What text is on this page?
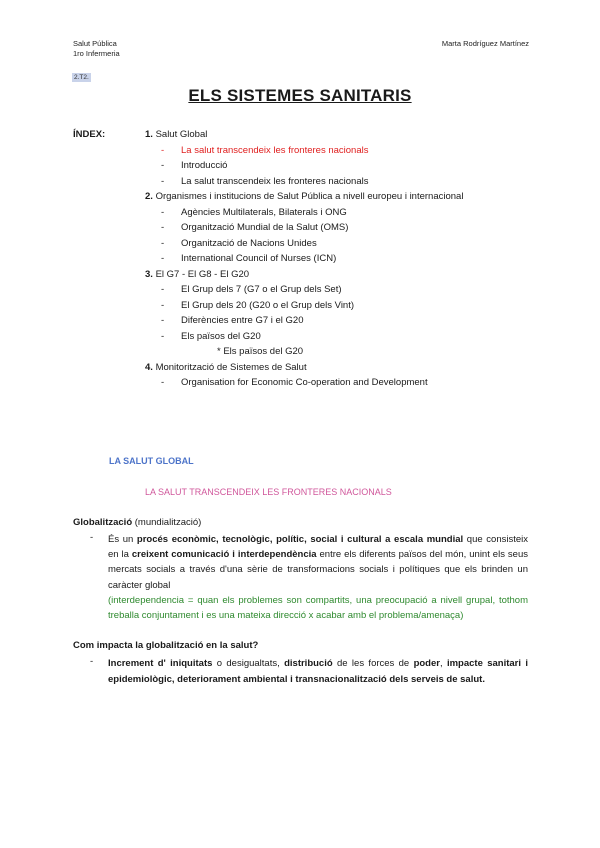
Salut Pública
1ro Infermeria
Marta Rodríguez Martínez
2.T2.
ELS SISTEMES SANITARIS
ÍNDEX:	1. Salut Global
- La salut transcendeix les fronteres nacionals
- Introducció
- La salut transcendeix les fronteres nacionals
2. Organismes i institucions de Salut Pública a nivell europeu i internacional
- Agències Multilaterals, Bilaterals i ONG
- Organització Mundial de la Salut (OMS)
- Organització de Nacions Unides
- International Council of Nurses (ICN)
3. El G7 - El G8 - El G20
- El Grup dels 7 (G7 o el Grup dels Set)
- El Grup dels 20 (G20 o el Grup dels Vint)
- Diferències entre G7 i el G20
- Els països del G20
* Els països del G20
4. Monitorització de Sistemes de Salut
- Organisation for Economic Co-operation and Development
LA SALUT GLOBAL
LA SALUT TRANSCENDEIX LES FRONTERES NACIONALS
Globalització (mundialització)
- És un procés econòmic, tecnològic, polític, social i cultural a escala mundial que consisteix en la creixent comunicació i interdependència entre els diferents països del món, unint els seus mercats socials a través d'una sèrie de transformacions socials i polítiques que els brinden un caràcter global
(interdependencia = quan els problemes son compartits, una preocupació a nivell grupal, tothom treballa conjuntament i es una mateixa direcció x acabar amb el problema/amenaça)
Com impacta la globalització en la salut?
- Increment d' iniquitats o desigualtats, distribució de les forces de poder, impacte sanitari i epidemiològic, deteriorament ambiental i transnacionalització dels serveis de salut.
